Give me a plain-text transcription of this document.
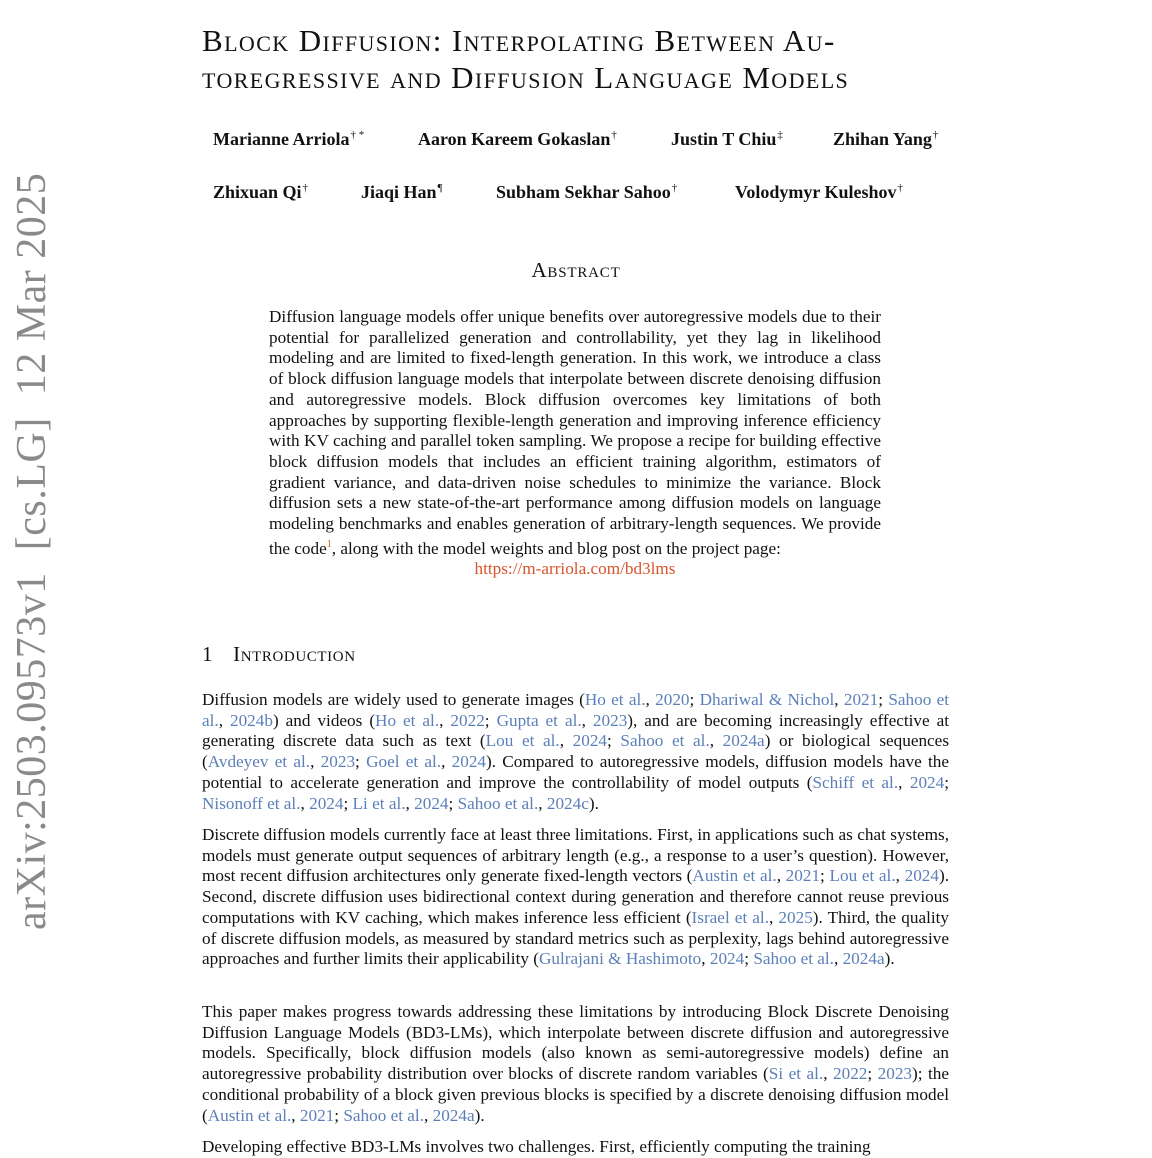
arXiv:2503.09573v1[cs.LG]12 Mar 2025
Block Diffusion: Interpolating Between Au-
toregressive and Diffusion Language Models
Marianne Arriola† *	Aaron Kareem Gokaslan†	Justin T Chiu‡	Zhihan Yang†
Zhixuan Qi†	Jiaqi Han¶	Subham Sekhar Sahoo†	Volodymyr Kuleshov†
Abstract

Diffusion language models offer unique benefits over autoregressive models due to their potential for parallelized generation and controllability, yet they lag in likelihood modeling and are limited to fixed-length generation. In this work, we introduce a class of block diffusion language models that interpolate between discrete denoising diffusion and autoregressive models. Block diffusion overcomes key limitations of both approaches by supporting flexible-length generation and improving inference efficiency with KV caching and parallel token sampling. We propose a recipe for building effective block diffusion models that includes an efficient training algorithm, estimators of gradient variance, and data-driven noise schedules to minimize the variance. Block diffusion sets a new state-of-the-art performance among diffusion models on language modeling benchmarks and enables generation of arbitrary-length sequences. We provide the code$^1$, along with the model weights and blog post on the project page:
https://m-arriola.com/bd3lms

1 Introduction

Diffusion models are widely used to generate images (Ho et al., 2020; Dhariwal & Nichol, 2021; Sahoo et al., 2024b) and videos (Ho et al., 2022; Gupta et al., 2023), and are becoming increasingly effective at generating discrete data such as text (Lou et al., 2024; Sahoo et al., 2024a) or biological sequences (Avdeyev et al., 2023; Goel et al., 2024). Compared to autoregressive models, diffusion models have the potential to accelerate generation and improve the controllability of model outputs (Schiff et al., 2024; Nisonoff et al., 2024; Li et al., 2024; Sahoo et al., 2024c).

Discrete diffusion models currently face at least three limitations. First, in applications such as chat systems, models must generate output sequences of arbitrary length (e.g., a response to a user’s question). However, most recent diffusion architectures only generate fixed-length vectors (Austin et al., 2021; Lou et al., 2024). Second, discrete diffusion uses bidirectional context during generation and therefore cannot reuse previous computations with KV caching, which makes inference less efficient (Israel et al., 2025). Third, the quality of discrete diffusion models, as measured by standard metrics such as perplexity, lags behind autoregressive approaches and further limits their applicability (Gulrajani & Hashimoto, 2024; Sahoo et al., 2024a).

This paper makes progress towards addressing these limitations by introducing Block Discrete Denoising Diffusion Language Models (BD3-LMs), which interpolate between discrete diffusion and autoregressive models. Specifically, block diffusion models (also known as semi-autoregressive models) define an autoregressive probability distribution over blocks of discrete random variables (Si et al., 2022; 2023); the conditional probability of a block given previous blocks is specified by a discrete denoising diffusion model (Austin et al., 2021; Sahoo et al., 2024a).

Developing effective BD3-LMs involves two challenges. First, efficiently computing the training
